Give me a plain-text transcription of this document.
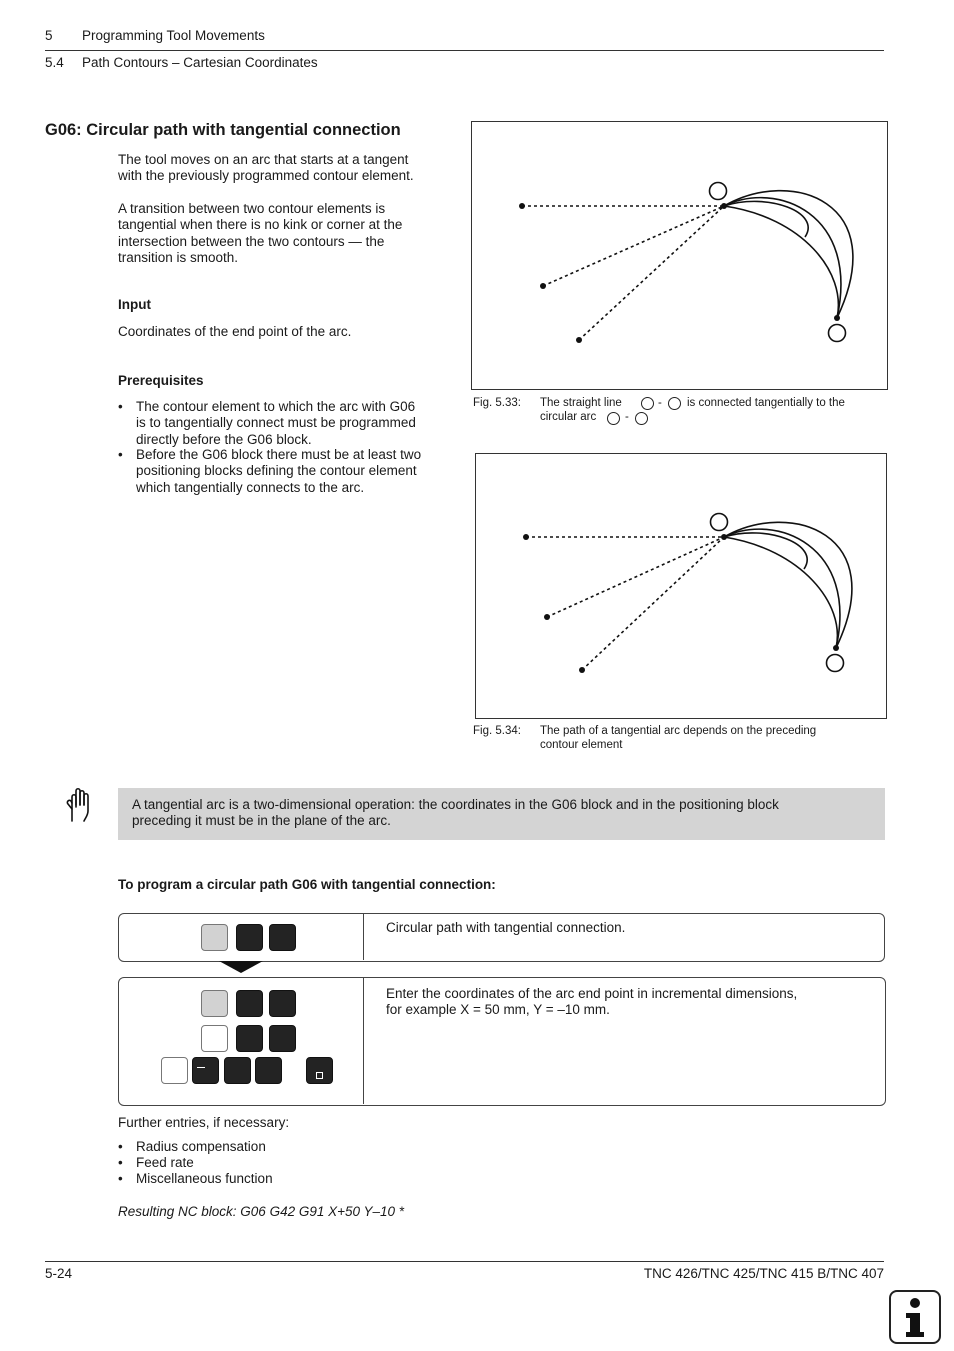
5 Programming Tool Movements
5.4 Path Contours – Cartesian Coordinates
G06: Circular path with tangential connection
The tool moves on an arc that starts at a tangent
with the previously programmed contour element.
A transition between two contour elements is
tangential when there is no kink or corner at the
intersection between the two contours — the
transition is smooth.
Input
Coordinates of the end point of the arc.
Prerequisites
• The contour element to which the arc with G06
is to tangentially connect must be programmed
directly before the G06 block.
• Before the G06 block there must be at least two
positioning blocks defining the contour element
which tangentially connects to the arc.
Fig. 5.33: The straight line	- is connected tangentially to the
circular arc	-
Fig. 5.34: The path of a tangential arc depends on the preceding
contour element
A tangential arc is a two-dimensional operation: the coordinates in the G06 block and in the positioning block
preceding it must be in the plane of the arc.
To program a circular path G06 with tangential connection:
Circular path with tangential connection.
Enter the coordinates of the arc end point in incremental dimensions,
for example X = 50 mm, Y = –10 mm.
Further entries, if necessary:
• Radius compensation
• Feed rate
• Miscellaneous function
Resulting NC block: G06 G42 G91 X+50 Y–10 *
5-24	TNC 426/TNC 425/TNC 415 B/TNC 407
